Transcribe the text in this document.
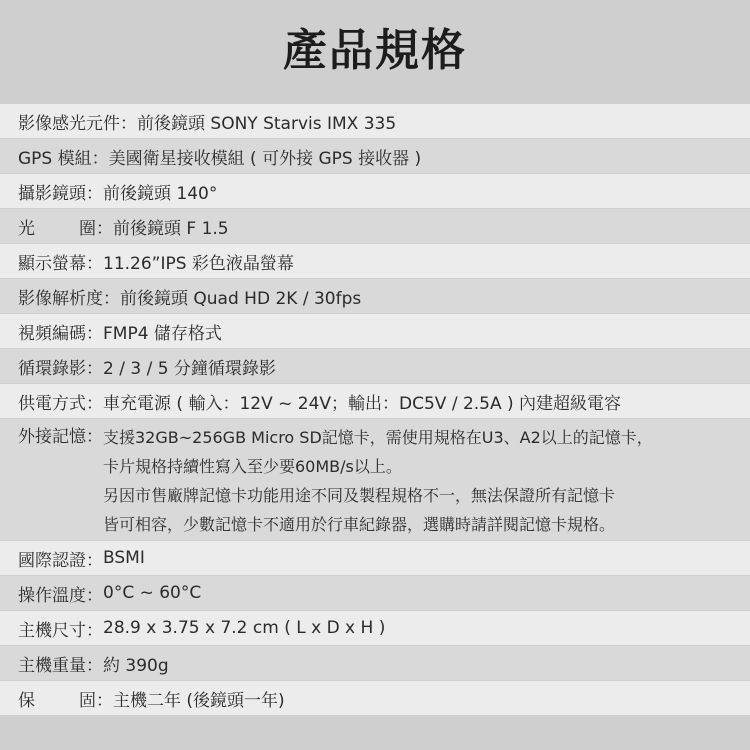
產品規格
影像感光元件 ： 前後鏡頭 SONY Starvis IMX 335
GPS 模組 ： 美國衛星接收模組 ( 可外接 GPS 接收器 )
攝影鏡頭 ： 前後鏡頭 140°
光	圈 ： 前後鏡頭 F 1.5
顯示螢幕 ： 11.26”IPS 彩色液晶螢幕
影像解析度 ： 前後鏡頭 Quad HD 2K / 30fps
視頻編碼 ： FMP4 儲存格式
循環錄影 ： 2 / 3 / 5 分鐘循環錄影
供電方式 ： 車充電源 ( 輸入：12V ~ 24V；輸出：DC5V / 2.5A ) 內建超級電容
外接記憶 ： 支援32GB~256GB Micro SD記憶卡，需使用規格在U3、A2以上的記憶卡，
卡片規格持續性寫入至少要60MB/s以上。
另因市售廠牌記憶卡功能用途不同及製程規格不一，無法保證所有記憶卡
皆可相容，少數記憶卡不適用於行車紀錄器，選購時請詳閱記憶卡規格。
國際認證 ： BSMI
操作溫度 ： 0°C ~ 60°C
主機尺寸 ： 28.9 x 3.75 x 7.2 cm ( L x D x H )
主機重量 ： 約 390g
保	固 ： 主機二年 (後鏡頭一年)
